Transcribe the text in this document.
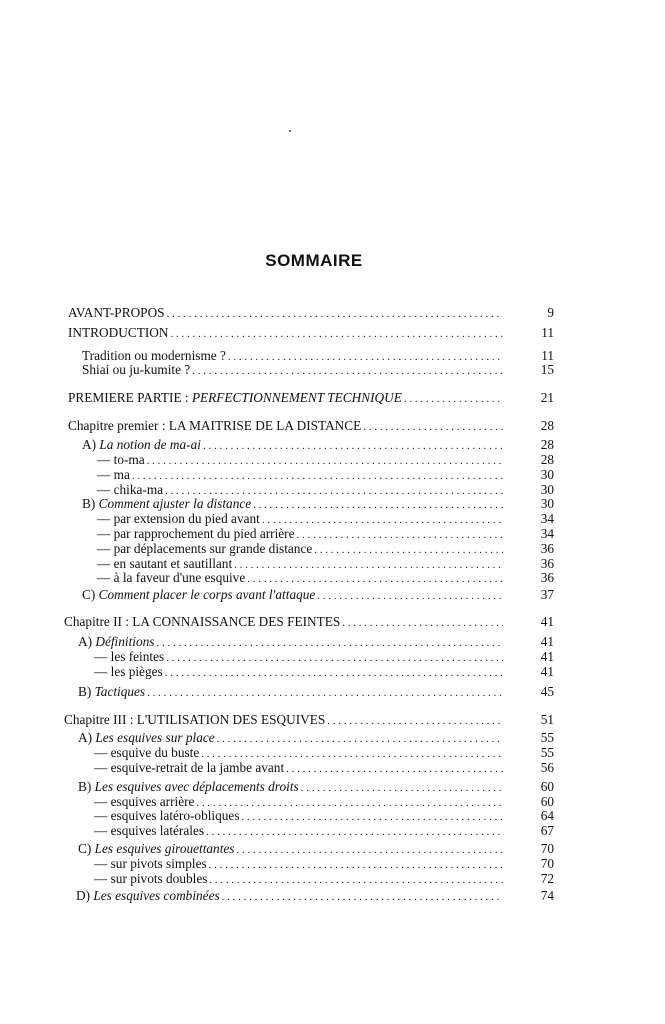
SOMMAIRE
AVANT-PROPOS . . .	9
INTRODUCTION . . .	11
Tradition ou modernisme ? . . .	11
Shiai ou ju-kumite ? . . .	15
PREMIERE PARTIE : PERFECTIONNEMENT TECHNIQUE . . .	21
Chapitre premier : LA MAITRISE DE LA DISTANCE . . .	28
A) La notion de ma-ai . . .	28
— to-ma . . .	28
— ma . . .	30
— chika-ma . . .	30
B) Comment ajuster la distance . . .	30
— par extension du pied avant . . .	34
— par rapprochement du pied arrière . . .	34
— par déplacements sur grande distance . . .	36
— en sautant et sautillant . . .	36
— à la faveur d'une esquive . . .	36
C) Comment placer le corps avant l'attaque . . .	37
Chapitre II : LA CONNAISSANCE DES FEINTES . . .	41
A) Définitions . . .	41
— les feintes . . .	41
— les pièges . . .	41
B) Tactiques . . .	45
Chapitre III : L'UTILISATION DES ESQUIVES . . .	51
A) Les esquives sur place . . .	55
— esquive du buste . . .	55
— esquive-retrait de la jambe avant . . .	56
B) Les esquives avec déplacements droits . . .	60
— esquives arrière . . .	60
— esquives latéro-obliques . . .	64
— esquives latérales . . .	67
C) Les esquives girouettantes . . .	70
— sur pivots simples . . .	70
— sur pivots doubles . . .	72
D) Les esquives combinées . . .	74
